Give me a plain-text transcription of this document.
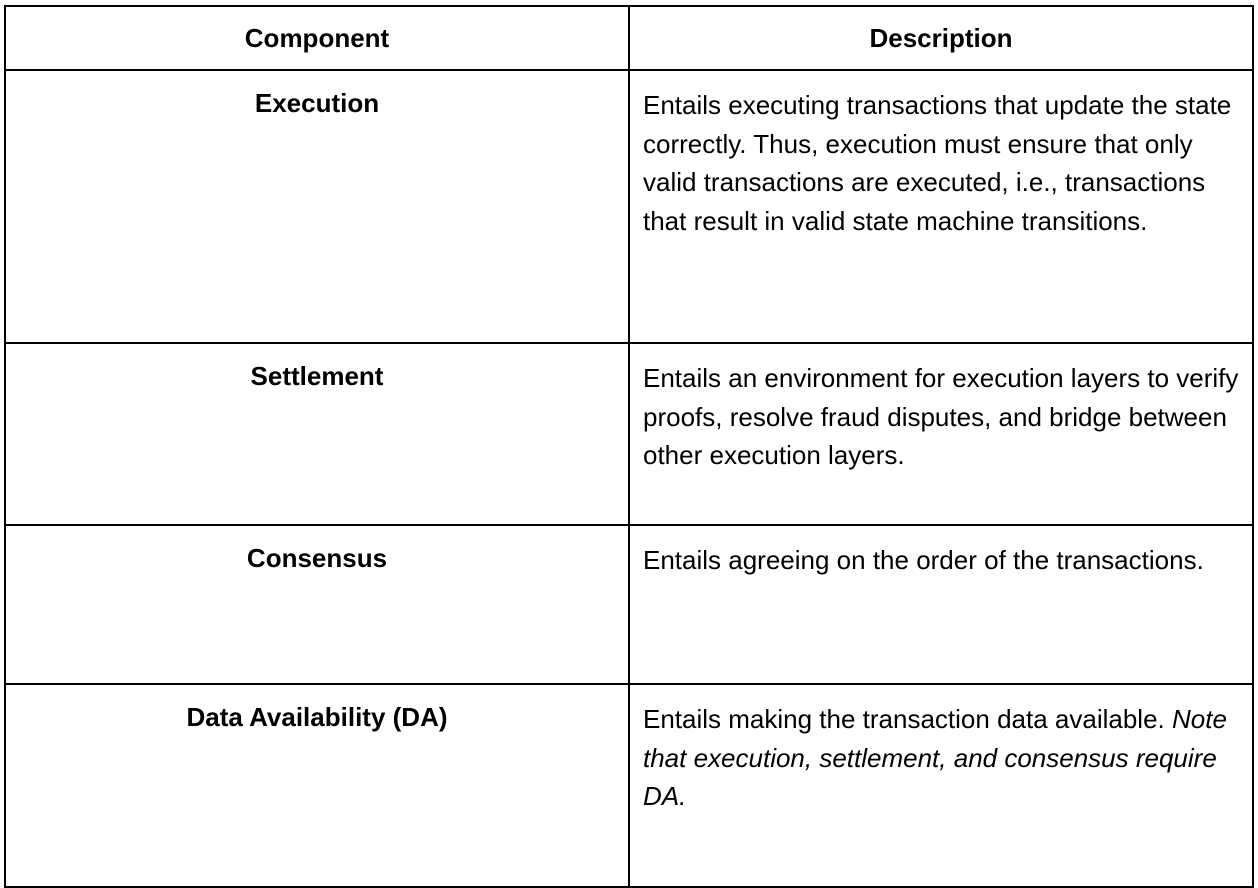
Component	Description
Execution	Entails executing transactions that update the state correctly. Thus, execution must ensure that only valid transactions are executed, i.e., transactions that result in valid state machine transitions.
Settlement	Entails an environment for execution layers to verify proofs, resolve fraud disputes, and bridge between other execution layers.
Consensus	Entails agreeing on the order of the transactions.
Data Availability (DA)	Entails making the transaction data available. Note that execution, settlement, and consensus require DA.
